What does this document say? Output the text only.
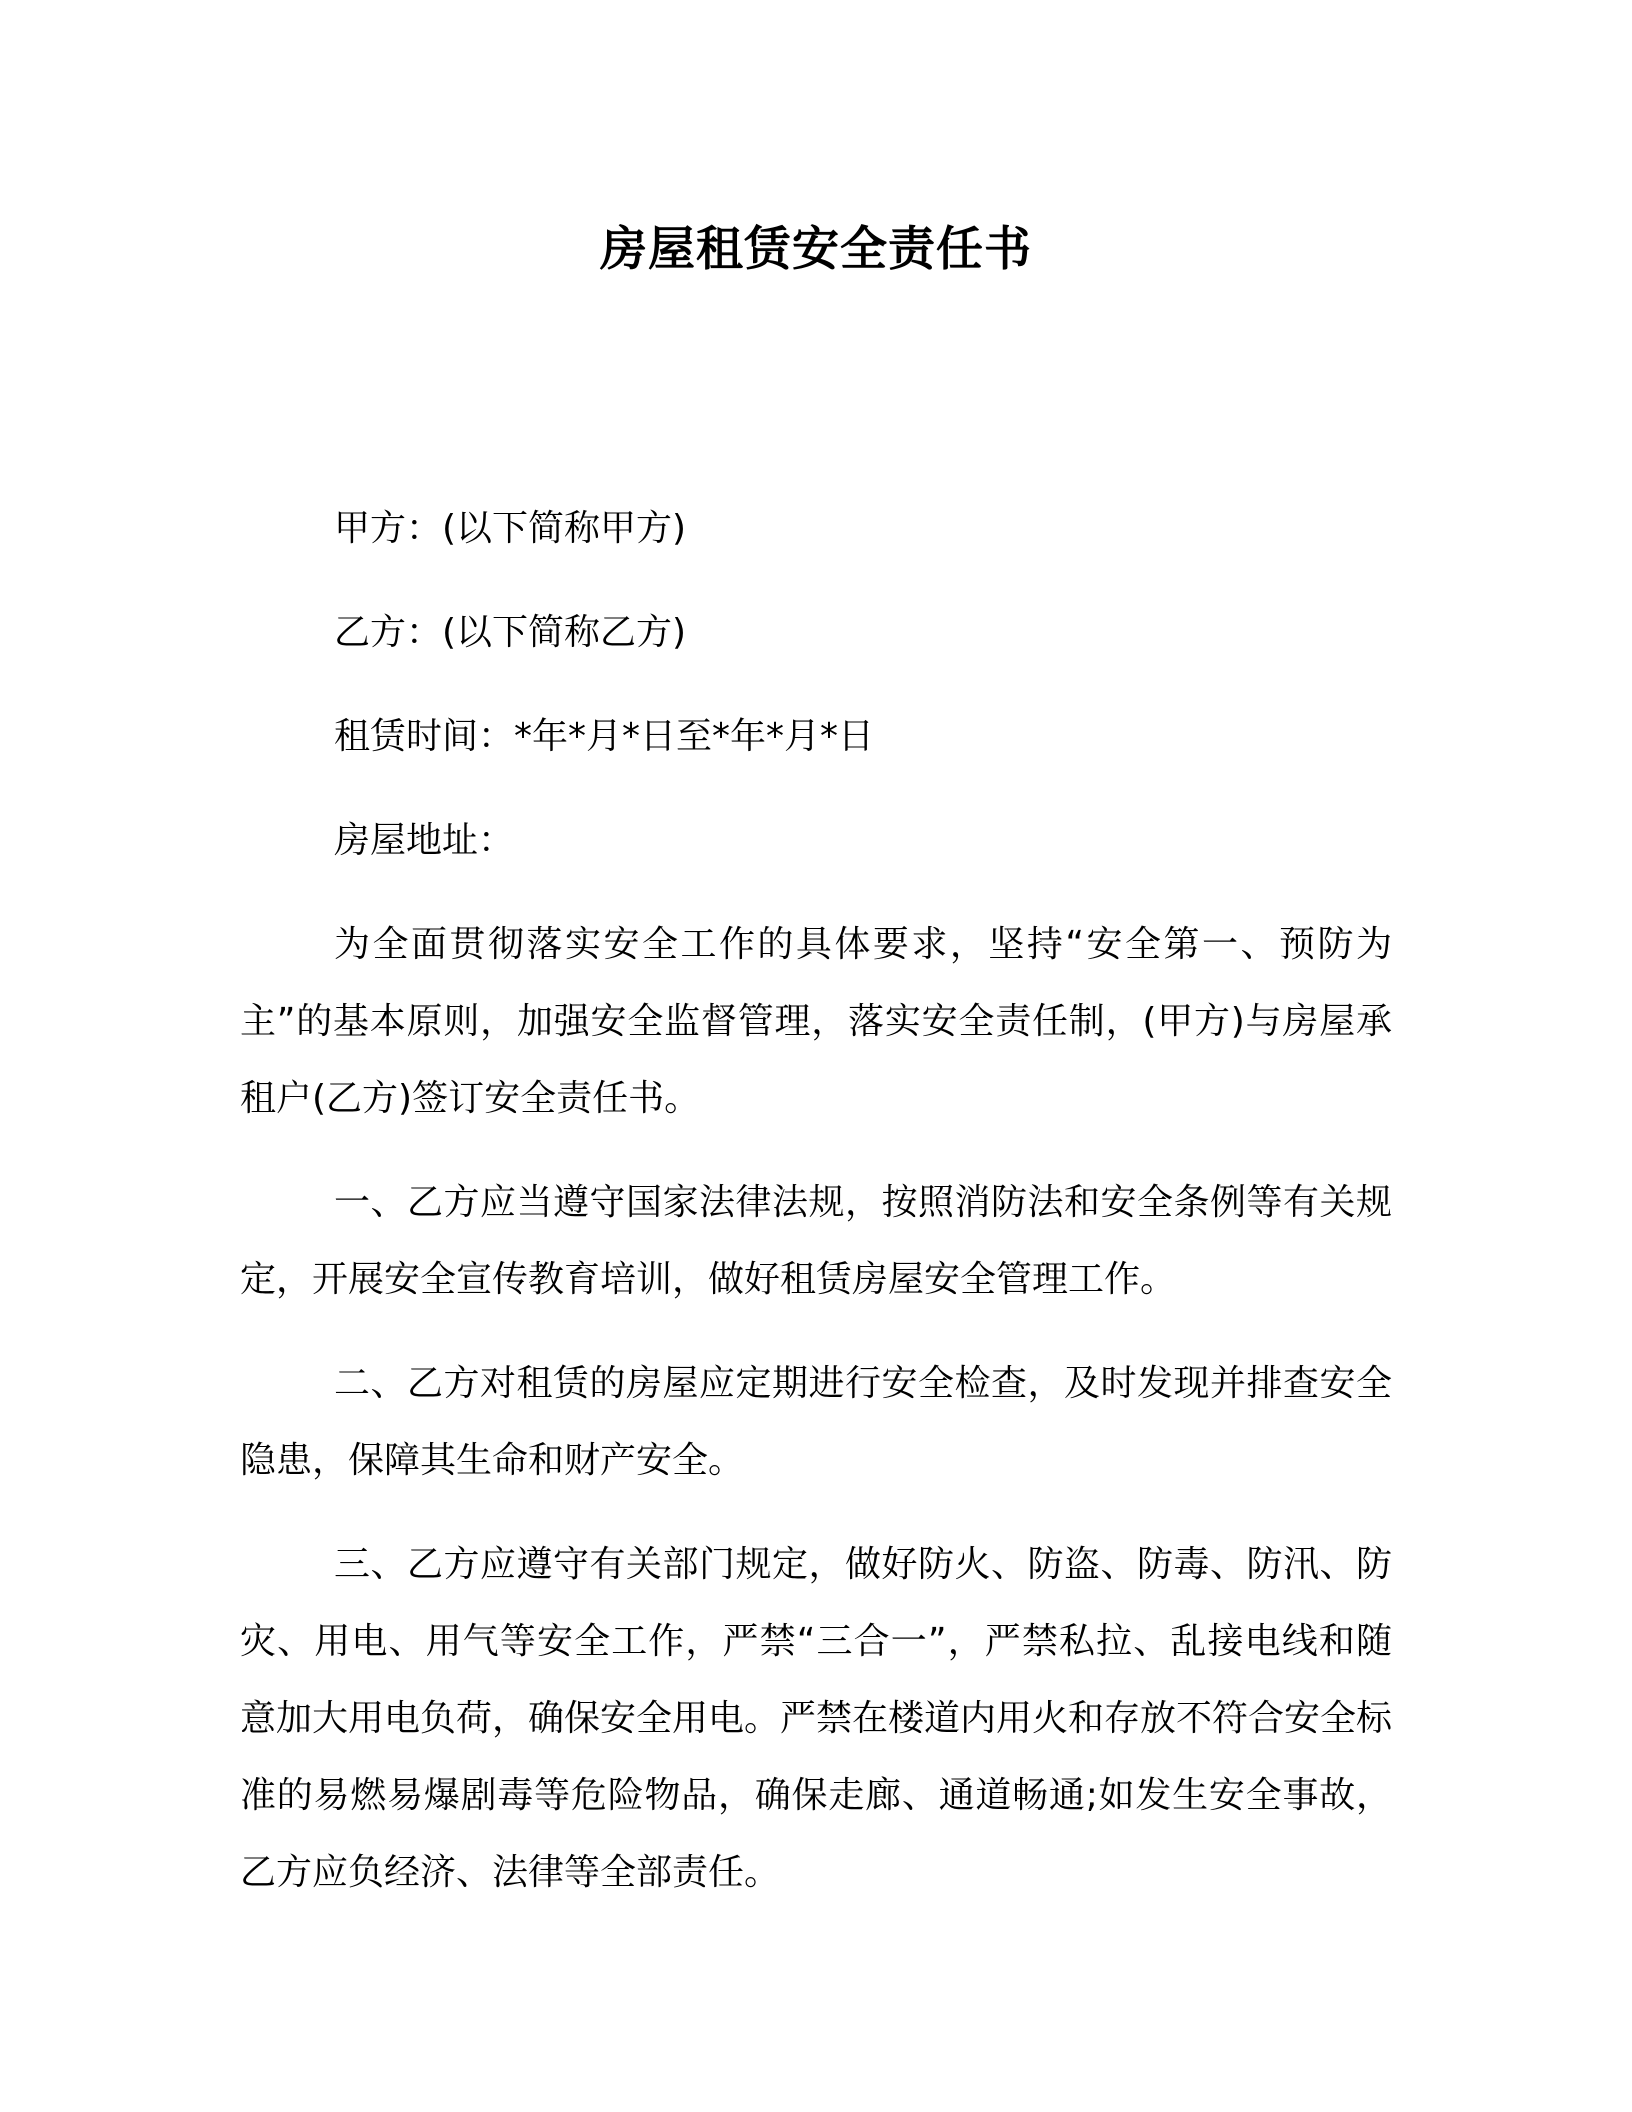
房屋租赁安全责任书
甲方：(以下简称甲方)
乙方：(以下简称乙方)
租赁时间：*年*月*日至*年*月*日
房屋地址：

为全面贯彻落实安全工作的具体要求，坚持“安全第一、预防为主”的基本原则，加强安全监督管理，落实安全责任制，(甲方)与房屋承租户(乙方)签订安全责任书。

一、乙方应当遵守国家法律法规，按照消防法和安全条例等有关规定，开展安全宣传教育培训，做好租赁房屋安全管理工作。

二、乙方对租赁的房屋应定期进行安全检查，及时发现并排查安全隐患，保障其生命和财产安全。

三、乙方应遵守有关部门规定，做好防火、防盗、防毒、防汛、防灾、用电、用气等安全工作，严禁“三合一”，严禁私拉、乱接电线和随意加大用电负荷，确保安全用电。严禁在楼道内用火和存放不符合安全标准的易燃易爆剧毒等危险物品，确保走廊、通道畅通;如发生安全事故，乙方应负经济、法律等全部责任。
